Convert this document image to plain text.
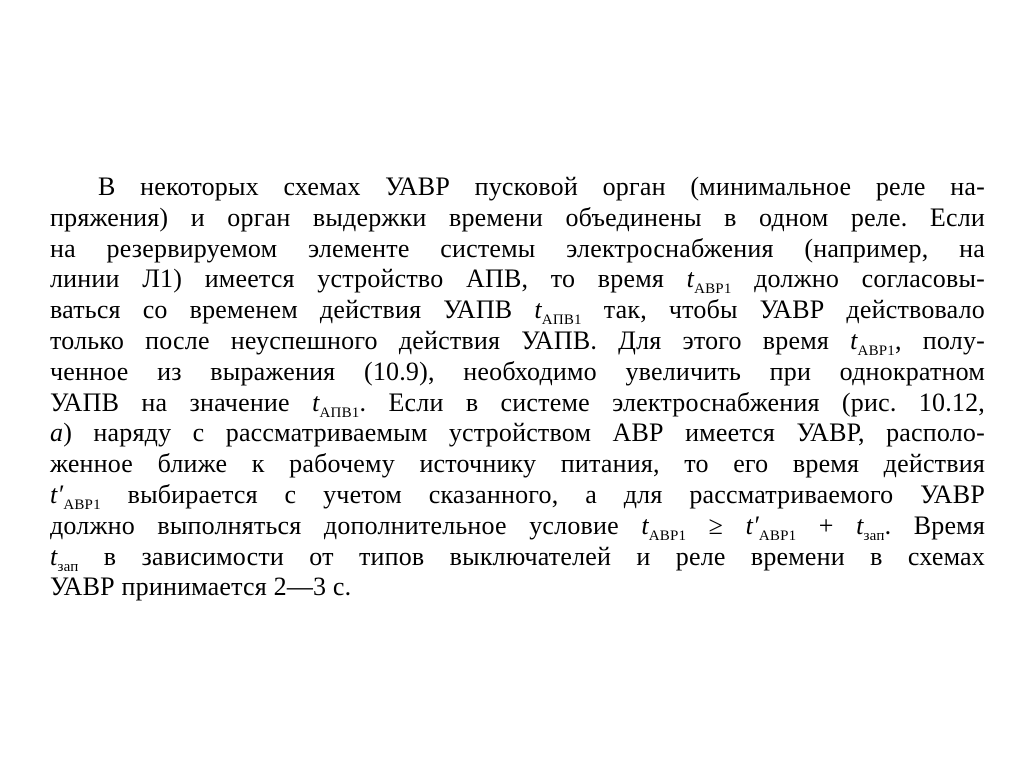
В некоторых схемах УАВР пусковой орган (минимальное реле на-
пряжения) и орган выдержки времени объединены в одном реле. Если
на резервируемом элементе системы электроснабжения (например, на
линии Л1) имеется устройство АПВ, то время $t_{АВР1}$ должно согласовы-
ваться со временем действия УАПВ $t_{АПВ1}$ так, чтобы УАВР действовало
только после неуспешного действия УАПВ. Для этого время $t_{АВР1}$, полу-
ченное из выражения (10.9), необходимо увеличить при однократном
УАПВ на значение $t_{АПВ1}$. Если в системе электроснабжения (рис. 10.12,
а) наряду с рассматриваемым устройством АВР имеется УАВР, располо-
женное ближе к рабочему источнику питания, то его время действия
$t'_{АВР1}$ выбирается с учетом сказанного, а для рассматриваемого УАВР
должно выполняться дополнительное условие $t_{АВР1} \ge t'_{АВР1} + t_{зап}$. Время
$t_{зап}$ в зависимости от типов выключателей и реле времени в схемах
УАВР принимается 2—3 с.
